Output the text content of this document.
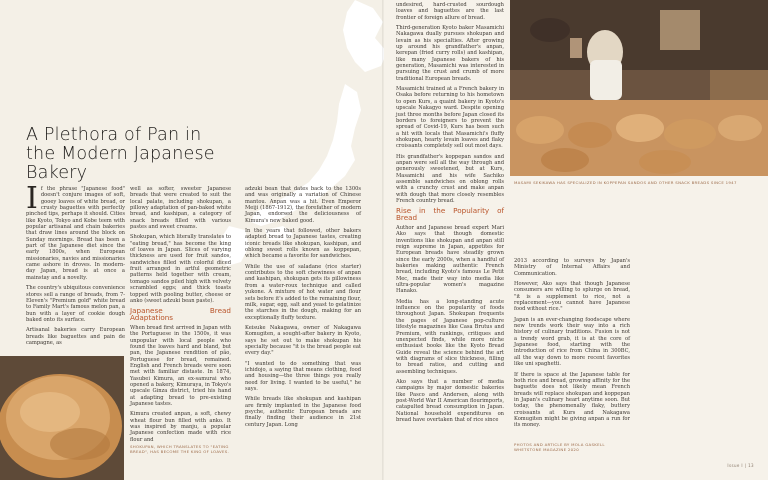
A Plethora of Pan in
the Modern Japanese
Bakery

If the phrase "Japanese food" doesn't conjure images of soft, gooey loaves of white bread, or crusty baguettes with perfectly pinched tips, perhaps it should. Cities like Kyoto, Tokyo and Kobe teem with popular artisanal and chain bakeries that draw lines around the block on Sunday mornings. Bread has been a part of the Japanese diet since the early 1800s, when European missionaries, navies and missionaries came ashore in droves. In modern-day Japan, bread is at once a mainstay and a novelty.

The country's ubiquitous convenience stores sell a range of breads, from 7-Eleven's "Premium gold" white bread to Family Mart's famous melon pan, a bun with a layer of cookie dough baked onto its surface.

Artisanal bakeries carry European breads like baguettes and pain de campagne, as

SHOKUPAN, WHICH TRANSLATES TO "EATING BREAD", HAS BECOME THE KING OF LOAVES.

well as softer, sweeter Japanese breads that were created to suit the local palate, including shokupan, a pillowy adaptation of pan-baked white bread, and kashipan, a category of snack breads filled with various pastes and sweet creams.

Shokupan, which literally translates to "eating bread," has become the king of loaves in Japan. Slices of varying thickness are used for fruit sandos, sandwiches filled with colorful diced fruit arranged in artful geometric patterns held together with cream, tomago sandos piled high with velvety scrambled eggs; and thick toasts topped with pooling butter, cheese or anko (sweet adzuki bean paste).

Japanese Bread Adaptations

When bread first arrived in Japan with the Portuguese in the 1500s, it was unpopular with local people who found the loaves hard and bland, but pan, the Japanese rendition of pão, Portuguese for bread, remained. English and French breads were soon met with familiar distaste. In 1874, Yasubei Kimura, an ex-samurai who opened a bakery, Kimuraya, in Tokyo's upscale Ginza district, tried his hand at adapting bread to pre-existing Japanese tastes.

Kimura created anpan, a soft, chewy wheat flour bun filled with anko. It was inspired by manju, a popular Japanese confection made with rice flour and

adzuki bean that dates back to the 1300s and was originally a variation of Chinese mantou. Anpan was a hit. Even Emperor Meiji (1867-1912), the forefather of modern Japan, endorsed the deliciousness of Kimura's new baked good.

In the years that followed, other bakers adapted bread to Japanese tastes, creating iconic breads like shokupan, kashipan, and oblong sweet rolls known as koppepan, which became a favorite for sandwiches.

While the use of saladane (rice starter) contributes to the soft chewiness of anpan and kashipan, shokupan gets its pillowiness from a water-roux technique and called yukone. A mixture of hot water and flour sets before it's added to the remaining flour, milk, sugar, egg, salt and yeast to gelatinize the starches in the dough, making for an exceptionally fluffy texture.

Keisuke Nakagawa, owner of Nakagawa Komugiten, a sought-after bakery in Kyoto, says he set out to make shokupan his specialty because "it is the bread people eat every day."

"I wanted to do something that was ichidojo, a saying that means clothing, food and housing—the three things you really need for living. I wanted to be useful," he says.

While breads like shokupan and kashipan are firmly implanted in the Japanese food psyche, authentic European breads are finally finding their audience in 21st century Japan. Long

undesired, hard-crusted sourdough loaves and baguettes are the last frontier of foreign allure of bread.

Third-generation Kyoto baker Masamichi Nakagawa dually pursues shokupan and levain as his specialties. After growing up around his grandfather's anpan, kerepan (fried curry rolls) and kashipan, like many Japanese bakers of his generation, Masamichi was interested in pursuing the crust and crumb of more traditional European breads.

Masamichi trained at a French bakery in Osaka before returning to his hometown to open Kurs, a quaint bakery in Kyoto's upscale Nakagyo ward. Despite opening just three months before Japan closed its borders to foreigners to prevent the spread of Covid-19, Kurs has been such a hit with locals that Masamichi's fluffy shokupan, hearty levain loaves and flaky croissants completely sell out most days.

His grandfather's koppepan sandos and anpan were sell all the way through and generously sweetened, but at Kurs, Masamichi and his wife Sachiko assemble sandwiches on oblong rolls with a crunchy crust and make anpan with dough that more closely resembles French country bread.

Rise in the Popularity of Bread

Author and Japanese bread expert Mari Ako says that though domestic inventions like shokupan and anpan still reign supreme in Japan, appetites for European breads have steadily grown since the early 2000s, when a handful of bakeries making authentic French bread, including Kyoto's famous Le Petit Mec, made their way into media like ultra-popular women's magazine Hanako.

Media has a long-standing acute influence on the popularity of foods throughout Japan. Shokupan frequents the pages of Japanese pop-culture lifestyle magazines like Casa Brutus and Premium, with rankings, critiques and unexpected finds, while more niche enthusiast books like the Kyoto Bread Guide reveal the science behind the art with diagrams of slice thickness, filling to bread ratios, and cutting and assembling techniques.

Ako says that a number of media campaigns by major domestic bakeries like Pasco and Andersen, along with post-World War II American flourimports, catapulted bread consumption in Japan. National household expenditures on bread have overtaken that of rice since

MASAMI SEKIKAWA HAS SPECIALIZED IN KOPPEPAN SANDOS AND OTHER SNACK BREADS SINCE 1947

2013 according to surveys by Japan's Ministry of Internal Affairs and Communication.

However, Ako says that though Japanese consumers are willing to splurge on bread, "it is a supplement to rice, not a replacement—you cannot have Japanese food without rice."

Japan is an ever-changing foodscape where new trends work their way into a rich history of culinary traditions. Fusion is not a trendy word grab, it is at the core of Japanese food, starting with the introduction of rice from China in 300BC, all the way down to more recent favorites like uni spaghetti.

If there is space at the Japanese table for both rice and bread, growing affinity for the baguette does not likely mean French breads will replace shokupan and koppepan in Japan's culinary heart anytime soon. But today, the phenomenally flaky, buttery croissants at Kurs and Nakagawa Komugiten might be giving anpan a run for its money.

PHOTOS AND ARTICLE BY MOLA GASKELL
WHETSTONE MAGAZINE 2020
Issue I | 13
